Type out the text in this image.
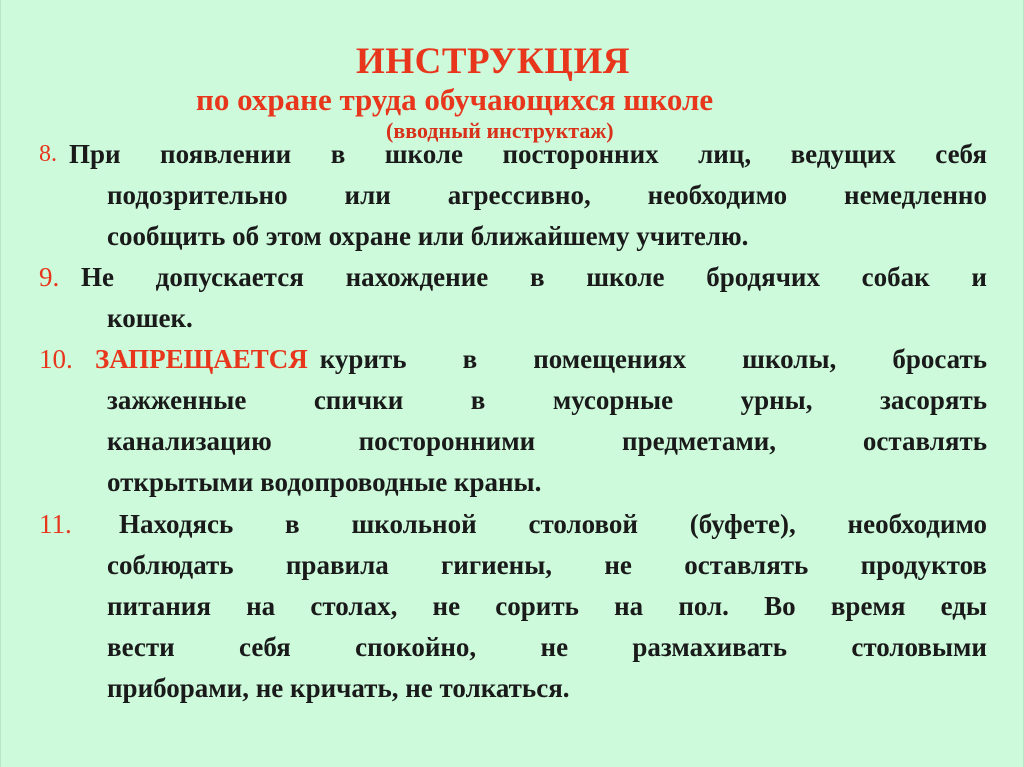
ИНСТРУКЦИЯ
по охране труда обучающихся школе
(вводный инструктаж)
8. При появлении в школе посторонних лиц, ведущих себя
подозрительно или агрессивно, необходимо немедленно
сообщить об этом охране или ближайшему учителю.
9. Не допускается нахождение в школе бродячих собак и
кошек.
10. ЗАПРЕЩАЕТСЯ курить в помещениях школы, бросать
зажженные спички в мусорные урны, засорять
канализацию посторонними предметами, оставлять
открытыми водопроводные краны.
11. Находясь в школьной столовой (буфете), необходимо
соблюдать правила гигиены, не оставлять продуктов
питания на столах, не сорить на пол. Во время еды
вести себя спокойно, не размахивать столовыми
приборами, не кричать, не толкаться.
